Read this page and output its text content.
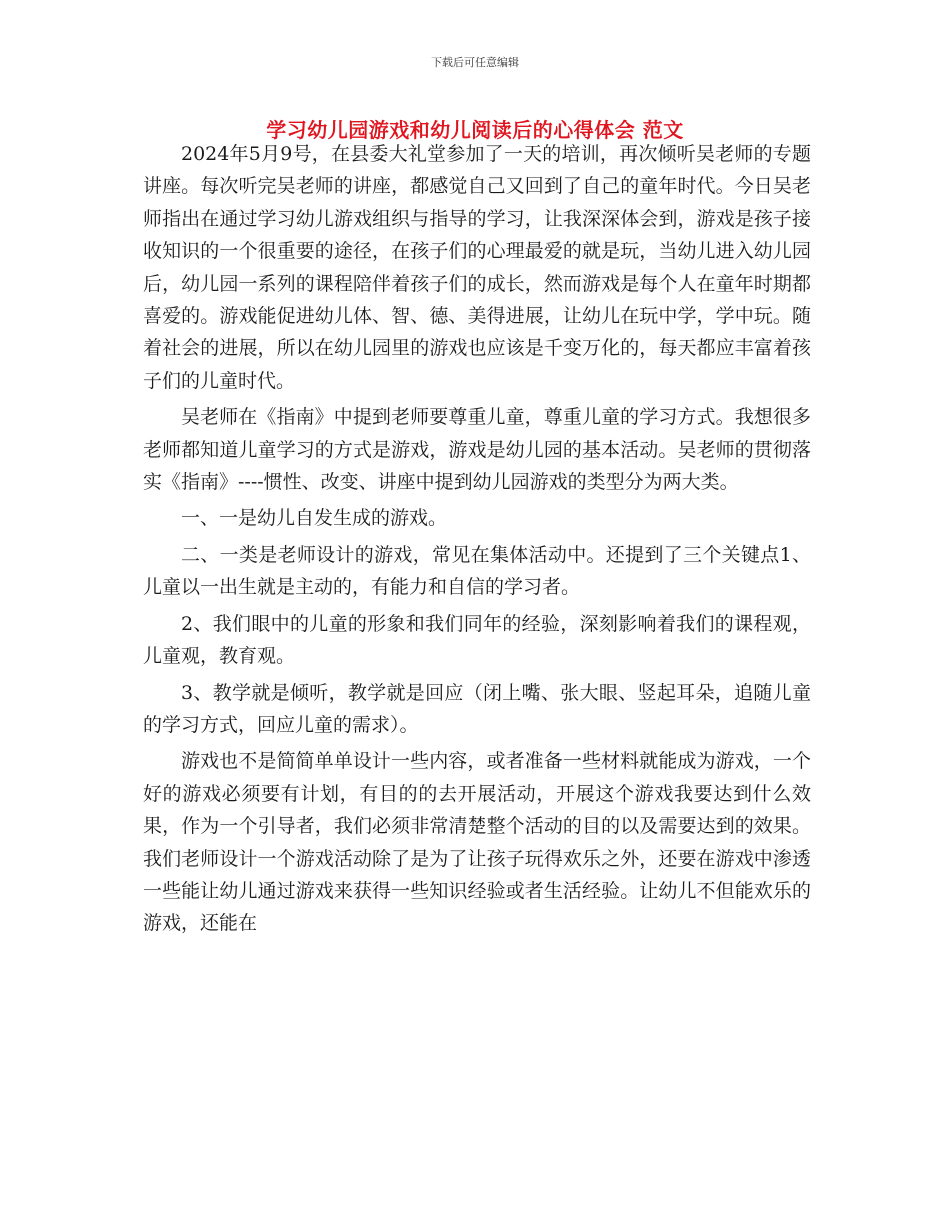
下载后可任意编辑
学习幼儿园游戏和幼儿阅读后的心得体会 范文

2024年5月9号，在县委大礼堂参加了一天的培训，再次倾听吴老师的专题讲座。每次听完吴老师的讲座，都感觉自己又回到了自己的童年时代。今日吴老师指出在通过学习幼儿游戏组织与指导的学习，让我深深体会到，游戏是孩子接收知识的一个很重要的途径，在孩子们的心理最爱的就是玩，当幼儿进入幼儿园后，幼儿园一系列的课程陪伴着孩子们的成长，然而游戏是每个人在童年时期都喜爱的。游戏能促进幼儿体、智、德、美得进展，让幼儿在玩中学，学中玩。随着社会的进展，所以在幼儿园里的游戏也应该是千变万化的，每天都应丰富着孩子们的儿童时代。

吴老师在《指南》中提到老师要尊重儿童，尊重儿童的学习方式。我想很多老师都知道儿童学习的方式是游戏，游戏是幼儿园的基本活动。吴老师的贯彻落实《指南》----惯性、改变、讲座中提到幼儿园游戏的类型分为两大类。

一、一是幼儿自发生成的游戏。

二、一类是老师设计的游戏，常见在集体活动中。还提到了三个关键点1、儿童以一出生就是主动的，有能力和自信的学习者。

2、我们眼中的儿童的形象和我们同年的经验，深刻影响着我们的课程观，儿童观，教育观。

3、教学就是倾听，教学就是回应（闭上嘴、张大眼、竖起耳朵，追随儿童的学习方式，回应儿童的需求）。

游戏也不是简简单单设计一些内容，或者准备一些材料就能成为游戏，一个好的游戏必须要有计划，有目的的去开展活动，开展这个游戏我要达到什么效果，作为一个引导者，我们必须非常清楚整个活动的目的以及需要达到的效果。我们老师设计一个游戏活动除了是为了让孩子玩得欢乐之外，还要在游戏中渗透一些能让幼儿通过游戏来获得一些知识经验或者生活经验。让幼儿不但能欢乐的游戏，还能在
